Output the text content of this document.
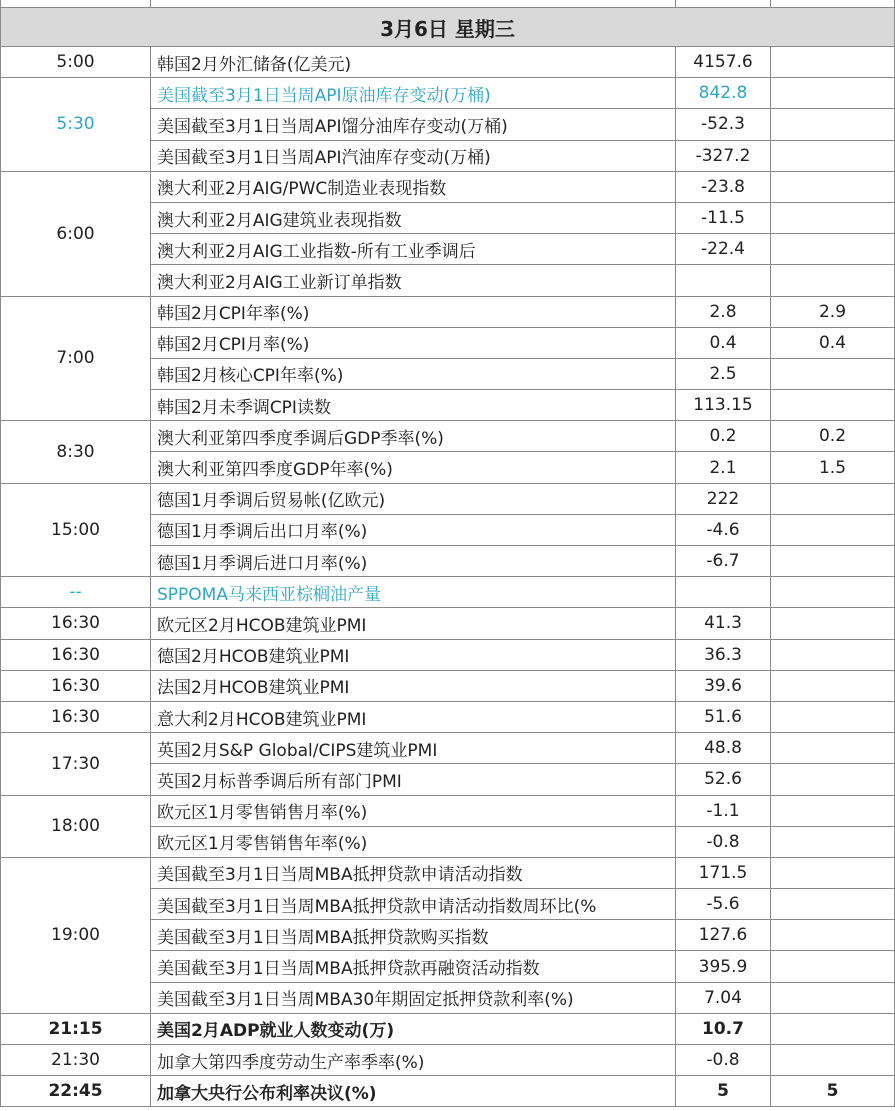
3月6日 星期三			
5:00	韩国2月外汇储备(亿美元)	4157.6	
5:30	美国截至3月1日当周API原油库存变动(万桶)	842.8	
	美国截至3月1日当周API馏分油库存变动(万桶)	-52.3	
	美国截至3月1日当周API汽油库存变动(万桶)	-327.2	
6:00	澳大利亚2月AIG/PWC制造业表现指数	-23.8	
	澳大利亚2月AIG建筑业表现指数	-11.5	
	澳大利亚2月AIG工业指数-所有工业季调后	-22.4	
	澳大利亚2月AIG工业新订单指数		
7:00	韩国2月CPI年率(%)	2.8	2.9
	韩国2月CPI月率(%)	0.4	0.4
	韩国2月核心CPI年率(%)	2.5	
	韩国2月未季调CPI读数	113.15	
8:30	澳大利亚第四季度季调后GDP季率(%)	0.2	0.2
	澳大利亚第四季度GDP年率(%)	2.1	1.5
15:00	德国1月季调后贸易帐(亿欧元)	222	
	德国1月季调后出口月率(%)	-4.6	
	德国1月季调后进口月率(%)	-6.7	
--	SPPOMA马来西亚棕榈油产量		
16:30	欧元区2月HCOB建筑业PMI	41.3	
16:30	德国2月HCOB建筑业PMI	36.3	
16:30	法国2月HCOB建筑业PMI	39.6	
16:30	意大利2月HCOB建筑业PMI	51.6	
17:30	英国2月S&P Global/CIPS建筑业PMI	48.8	
	英国2月标普季调后所有部门PMI	52.6	
18:00	欧元区1月零售销售月率(%)	-1.1	
	欧元区1月零售销售年率(%)	-0.8	
19:00	美国截至3月1日当周MBA抵押贷款申请活动指数	171.5	
	美国截至3月1日当周MBA抵押贷款申请活动指数周环比(%	-5.6	
	美国截至3月1日当周MBA抵押贷款购买指数	127.6	
	美国截至3月1日当周MBA抵押贷款再融资活动指数	395.9	
	美国截至3月1日当周MBA30年期固定抵押贷款利率(%)	7.04	
21:15	美国2月ADP就业人数变动(万)	10.7	
21:30	加拿大第四季度劳动生产率季率(%)	-0.8	
22:45	加拿大央行公布利率决议(%)	5	5
